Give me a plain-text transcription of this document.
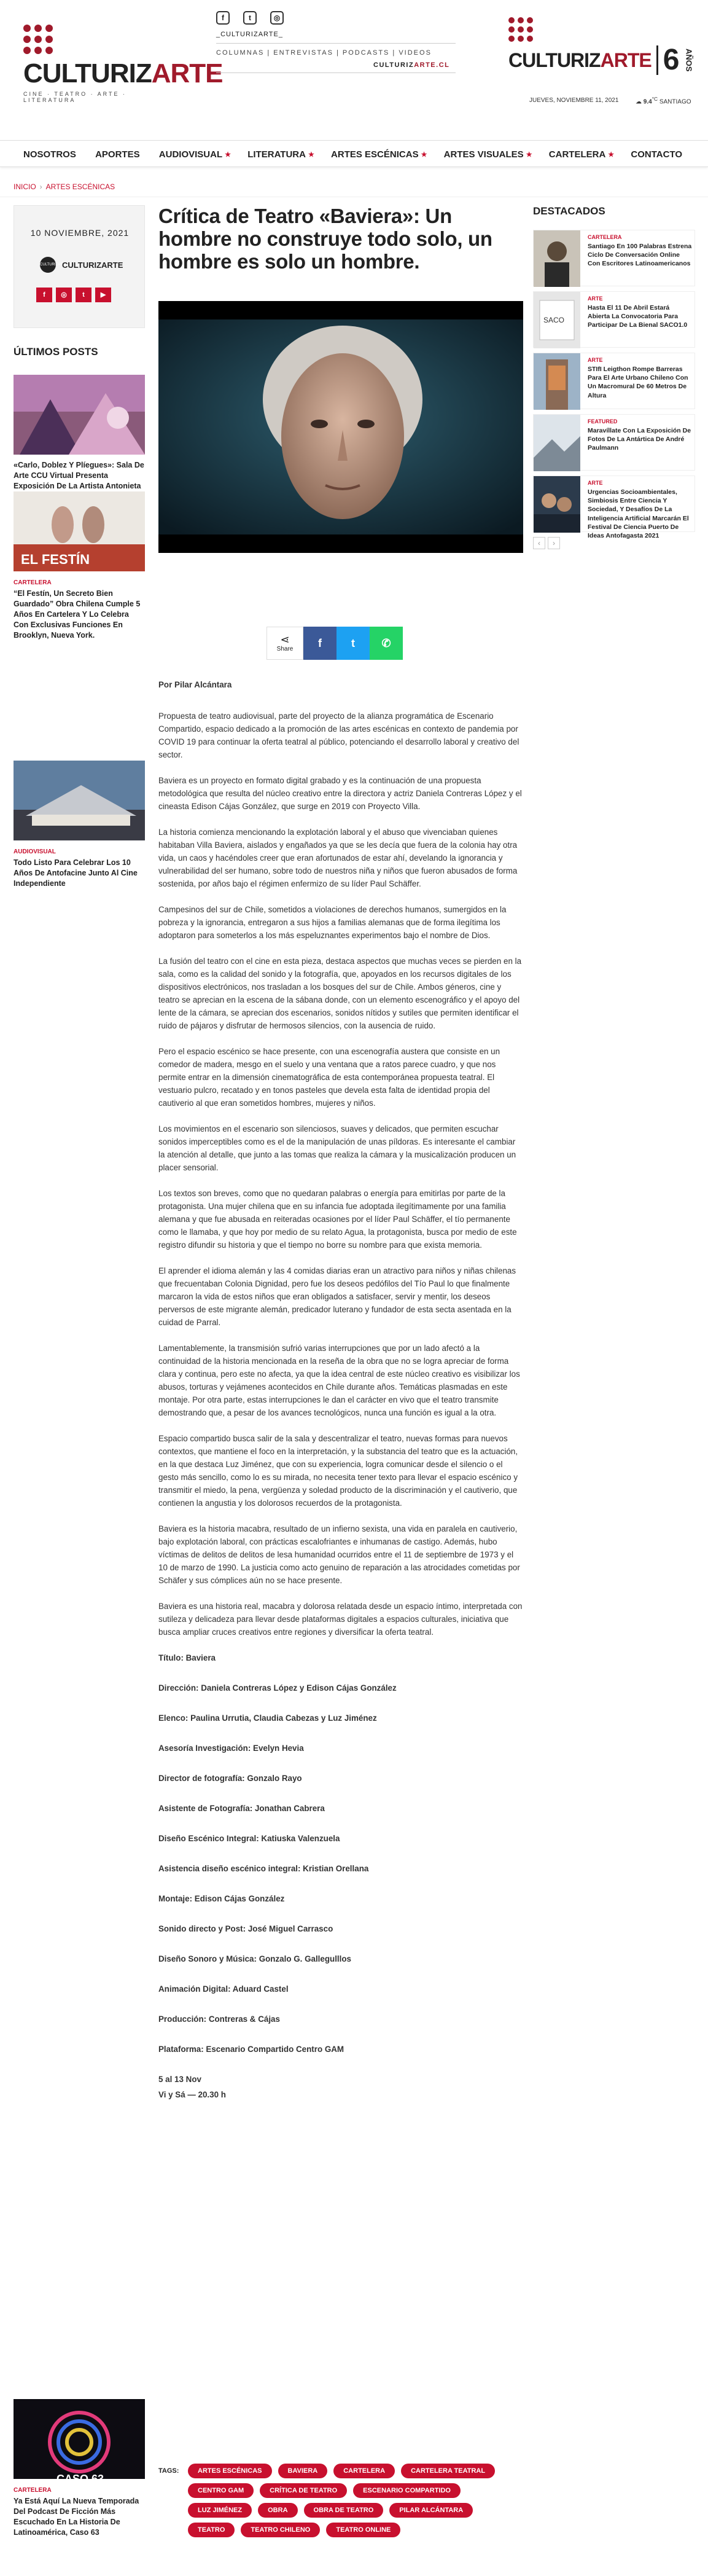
CULTURIZARTE
CINE · TEATRO · ARTE · LITERATURA
f	t	◎
_CULTURIZARTE_
COLUMNAS | ENTREVISTAS | PODCASTS | VIDEOS
CULTURIZARTE.CL	CULTURIZARTE 6 AÑOS
JUEVES, NOVIEMBRE 11, 2021	☁ $9.4^{^\circ C}$ SANTIAGO
NOSOTROS APORTES AUDIOVISUAL ★ LITERATURA ★ ARTES ESCÉNICAS ★ ARTES VISUALES ★ CARTELERA ★ CONTACTO
INICIO › ARTES ESCÉNICAS
10 NOVIEMBRE, 2021
CULTURIZARTE
CULTURIZARTE
f	◎	t	▶
ÚLTIMOS POSTS
«Carlo, Doblez Y Plíegues»: Sala De Arte CCU Virtual Presenta Exposición De La Artista Antonieta
EL FESTÍN
CARTELERA
“El Festín, Un Secreto Bien Guardado” Obra Chilena Cumple 5 Años En Cartelera Y Lo Celebra Con Exclusivas Funciones En Brooklyn, Nueva York.
AUDIOVISUAL
Todo Listo Para Celebrar Los 10 Años De Antofacine Junto Al Cine Independiente
CASO 63
CARTELERA
Ya Está Aquí La Nueva Temporada Del Podcast De Ficción Más Escuchado En La Historia De Latinoamérica, Caso 63
Crítica de Teatro «Baviera»: Un hombre no construye todo solo, un hombre es solo un hombre.
⋖
Share	f	t	✆

Por Pilar Alcántara

Propuesta de teatro audiovisual, parte del proyecto de la alianza programática de Escenario Compartido, espacio dedicado a la promoción de las artes escénicas en contexto de pandemia por COVID 19 para continuar la oferta teatral al público, potenciando el desarrollo laboral y creativo del sector.

Baviera es un proyecto en formato digital grabado y es la continuación de una propuesta metodológica que resulta del núcleo creativo entre la directora y actriz Daniela Contreras López y el cineasta Edison Cájas González, que surge en 2019 con Proyecto Villa.

La historia comienza mencionando la explotación laboral y el abuso que vivenciaban quienes habitaban Villa Baviera, aislados y engañados ya que se les decía que fuera de la colonia hay otra vida, un caos y hacéndoles creer que eran afortunados de estar ahí, develando la ignorancia y vulnerabilidad del ser humano, sobre todo de nuestros niña y niños que fueron abusados de forma sostenida, por años bajo el régimen enfermizo de su líder Paul Schäffer.

Campesinos del sur de Chile, sometidos a violaciones de derechos humanos, sumergidos en la pobreza y la ignorancia, entregaron a sus hijos a familias alemanas que de forma ilegítima los adoptaron para someterlos a los más espeluznantes experimentos bajo el nombre de Dios.

La fusión del teatro con el cine en esta pieza, destaca aspectos que muchas veces se pierden en la sala, como es la calidad del sonido y la fotografía, que, apoyados en los recursos digitales de los dispositivos electrónicos, nos trasladan a los bosques del sur de Chile. Ambos géneros, cine y teatro se aprecian en la escena de la sábana donde, con un elemento escenográfico y el apoyo del lente de la cámara, se aprecian dos escenarios, sonidos nítidos y sutiles que permiten identificar el ruido de pájaros y disfrutar de hermosos silencios, con la ausencia de ruido.

Pero el espacio escénico se hace presente, con una escenografía austera que consiste en un comedor de madera, mesgo en el suelo y una ventana que a ratos parece cuadro, y que nos permite entrar en la dimensión cinematográfica de esta contemporánea propuesta teatral. El vestuario pulcro, recatado y en tonos pasteles que devela esta falta de identidad propia del cautiverio al que eran sometidos hombres, mujeres y niños.

Los movimientos en el escenario son silenciosos, suaves y delicados, que permiten escuchar sonidos imperceptibles como es el de la manipulación de unas píldoras. Es interesante el cambiar la atención al detalle, que junto a las tomas que realiza la cámara y la musicalización producen un placer sensorial.

Los textos son breves, como que no quedaran palabras o energía para emitirlas por parte de la protagonista. Una mujer chilena que en su infancia fue adoptada ilegítimamente por una familia alemana y que fue abusada en reiteradas ocasiones por el líder Paul Schäffer, el tío permanente como le llamaba, y que hoy por medio de su relato Agua, la protagonista, busca por medio de este registro difundir su historia y que el tiempo no borre su nombre para que exista memoria.

El aprender el idioma alemán y las 4 comidas diarias eran un atractivo para niños y niñas chilenas que frecuentaban Colonia Dignidad, pero fue los deseos pedófilos del Tío Paul lo que finalmente marcaron la vida de estos niños que eran obligados a satisfacer, servir y mentir, los deseos perversos de este migrante alemán, predicador luterano y fundador de esta secta asentada en la cuidad de Parral.

Lamentablemente, la transmisión sufrió varias interrupciones que por un lado afectó a la continuidad de la historia mencionada en la reseña de la obra que no se logra apreciar de forma clara y continua, pero este no afecta, ya que la idea central de este núcleo creativo es visibilizar los abusos, torturas y vejámenes acontecidos en Chile durante años. Temáticas plasmadas en este montaje. Por otra parte, estas interrupciones le dan el carácter en vivo que el teatro transmite demostrando que, a pesar de los avances tecnológicos, nunca una función es igual a la otra.

Espacio compartido busca salir de la sala y descentralizar el teatro, nuevas formas para nuevos contextos, que mantiene el foco en la interpretación, y la substancia del teatro que es la actuación, en la que destaca Luz Jiménez, que con su experiencia, logra comunicar desde el silencio o el gesto más sencillo, como lo es su mirada, no necesita tener texto para llevar el espacio escénico y transmitir el miedo, la pena, vergüenza y soledad producto de la discriminación y el cautiverio, que contienen la angustia y los dolorosos recuerdos de la protagonista.

Baviera es la historia macabra, resultado de un infierno sexista, una vida en paralela en cautiverio, bajo explotación laboral, con prácticas escalofriantes e inhumanas de castigo. Además, hubo víctimas de delitos de delitos de lesa humanidad ocurridos entre el 11 de septiembre de 1973 y el 10 de marzo de 1990. La justicia como acto genuino de reparación a las atrocidades cometidas por Schäfer y sus cómplices aún no se hace presente.

Baviera es una historia real, macabra y dolorosa relatada desde un espacio íntimo, interpretada con sutileza y delicadeza para llevar desde plataformas digitales a espacios culturales, iniciativa que busca ampliar cruces creativos entre regiones y diversificar la oferta teatral.

Título: Baviera

Dirección: Daniela Contreras López y Edison Cájas González

Elenco: Paulina Urrutia, Claudia Cabezas y Luz Jiménez

Asesoría Investigación: Evelyn Hevia

Director de fotografía: Gonzalo Rayo

Asistente de Fotografía: Jonathan Cabrera

Diseño Escénico Integral: Katiuska Valenzuela

Asistencia diseño escénico integral: Kristian Orellana

Montaje: Edison Cájas González

Sonido directo y Post: José Miguel Carrasco

Diseño Sonoro y Música: Gonzalo G. Gallegulllos

Animación Digital: Aduard Castel

Producción: Contreras & Cájas

Plataforma: Escenario Compartido Centro GAM

5 al 13 Nov

Vi y Sá — 20.30 h

TAGS:	ARTES ESCÉNICAS	BAVIERA	CARTELERA	CARTELERA TEATRAL
CENTRO GAM	CRÍTICA DE TEATRO	ESCENARIO COMPARTIDO
LUZ JIMÉNEZ	OBRA	OBRA DE TEATRO	PILAR ALCÁNTARA
TEATRO	TEATRO CHILENO	TEATRO ONLINE
DESTACADOS
CARTELERA
Santiago En 100 Palabras Estrena Ciclo De Conversación Online Con Escritores Latinoamericanos
SACO
ARTE
Hasta El 11 De Abril Estará Abierta La Convocatoria Para Participar De La Bienal SACO1.0
ARTE
STIfI Leigthon Rompe Barreras Para El Arte Urbano Chileno Con Un Macromural De 60 Metros De Altura
FEATURED
Maravíllate Con La Exposición De Fotos De La Antártica De André Paulmann
ARTE
Urgencias Socioambientales, Simbiosis Entre Ciencia Y Sociedad, Y Desafíos De La Inteligencia Artificial Marcarán El Festival De Ciencia Puerto De Ideas Antofagasta 2021
‹	›
